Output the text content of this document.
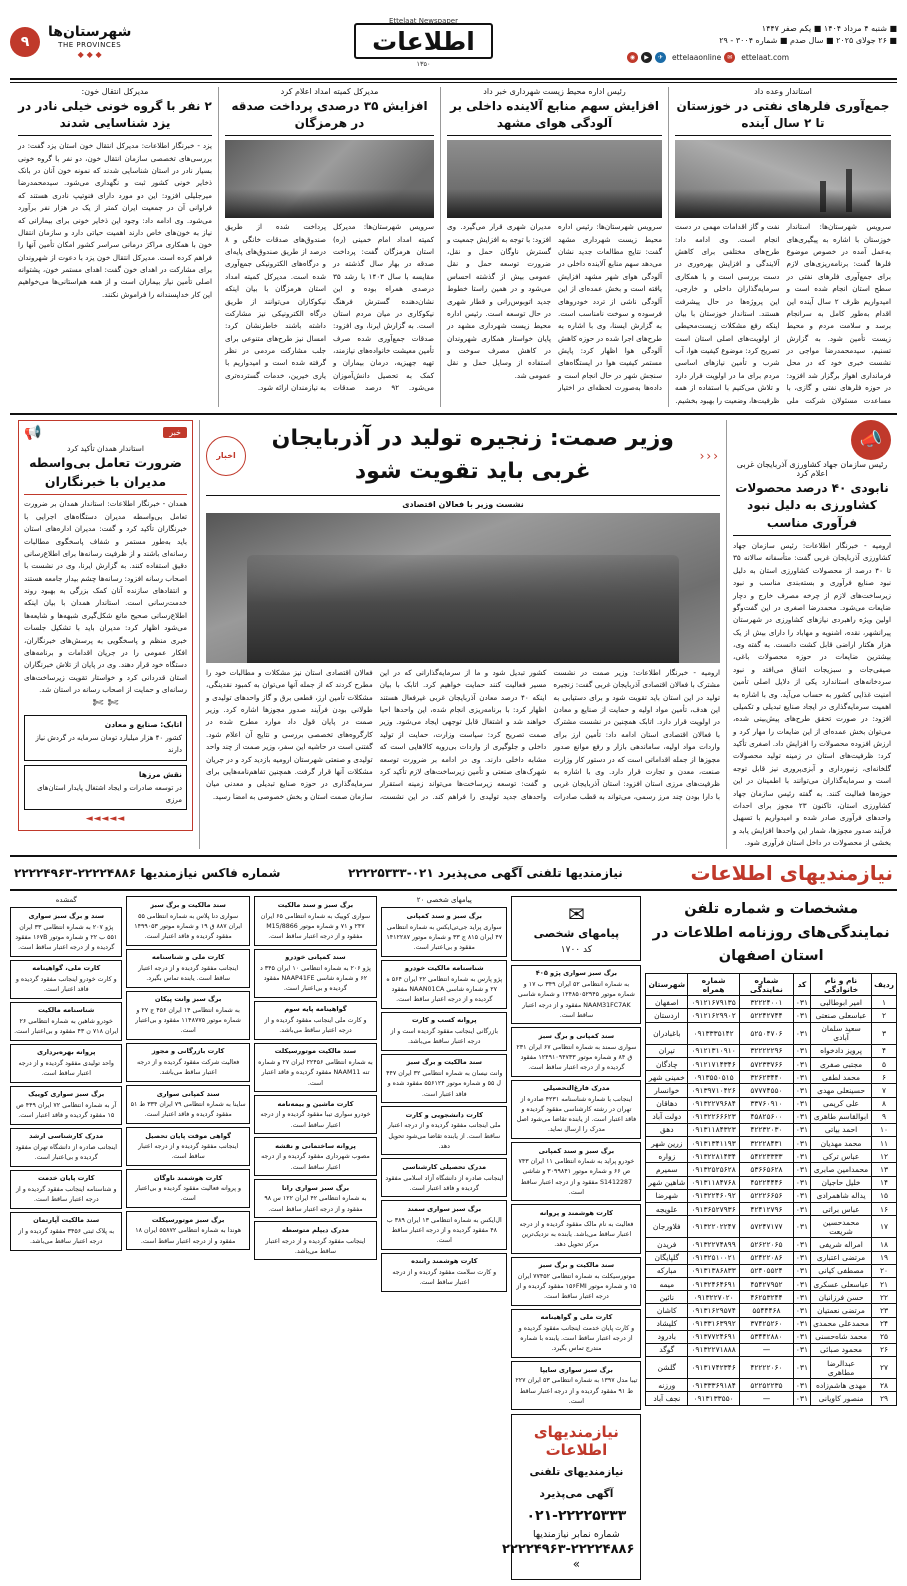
■ شنبه ۴ مرداد ۱۴۰۴ ■ یکم صفر ۱۴۴۷
■ ۲۶ جولای ۲۰۲۵ ■ سال صدم ■ شماره ۳۰۰۴ - ۲۹
◉	▶	✈	ettelaaonline ✉	ettelaat.com
Ettelaat Newspaper
اطلاعات
۱۳۵۰
شهرستان‌ها
THE PROVINCES
◆ ◆ ◆
۹
استاندار وعده داد
جمع‌آوری فلرهای نفتی در خوزستان تا ۲ سال آینده
سرویس شهرستان‌ها: استاندار خوزستان با اشاره به پیگیری‌های به‌عمل آمده در خصوص موضوع فلرها گفت: برنامه‌ریزی‌های لازم برای جمع‌آوری فلرهای نفتی در سطح استان انجام شده است و امیدواریم ظرف ۲ سال آینده این اقدام به‌طور کامل به سرانجام برسد و سلامت مردم و محیط زیست تأمین شود. به گزارش تسنیم، سیدمحمدرضا مواجی در نشست خبری خود که در محل فرمانداری اهواز برگزار شد افزود: در حوزه فلرهای نفتی و گازی، با مساعدت مسئولان شرکت ملی نفت و گاز اقدامات مهمی در دست انجام است. وی ادامه داد: طرح‌های مختلفی برای کاهش آلایندگی و افزایش بهره‌وری در دست بررسی است و با همکاری سرمایه‌گذاران داخلی و خارجی، این پروژه‌ها در حال پیشرفت هستند. استاندار خوزستان با بیان اینکه رفع مشکلات زیست‌محیطی از اولویت‌های اصلی استان است تصریح کرد: موضوع کیفیت هوا، آب شرب و تأمین نیازهای اساسی مردم برای ما در اولویت قرار دارد و تلاش می‌کنیم با استفاده از همه ظرفیت‌ها، وضعیت را بهبود بخشیم.
رئیس اداره محیط زیست شهرداری خبر داد
افزایش سهم منابع آلاینده داخلی بر آلودگی هوای مشهد
سرویس شهرستان‌ها: رئیس اداره محیط زیست شهرداری مشهد گفت: نتایج مطالعات جدید نشان می‌دهد سهم منابع آلاینده داخلی در آلودگی هوای شهر مشهد افزایش یافته است و بخش عمده‌ای از این آلودگی ناشی از تردد خودروهای فرسوده و سوخت نامناسب است. به گزارش ایسنا، وی با اشاره به طرح‌های اجرا شده در حوزه کاهش آلودگی هوا اظهار کرد: پایش مستمر کیفیت هوا در ایستگاه‌های سنجش شهر در حال انجام است و داده‌ها به‌صورت لحظه‌ای در اختیار مدیران شهری قرار می‌گیرد. وی افزود: با توجه به افزایش جمعیت و گسترش ناوگان حمل و نقل، ضرورت توسعه حمل و نقل عمومی بیش از گذشته احساس می‌شود و در همین راستا خطوط جدید اتوبوس‌رانی و قطار شهری در حال توسعه است. رئیس اداره محیط زیست شهرداری مشهد در پایان خواستار همکاری شهروندان در کاهش مصرف سوخت و استفاده از وسایل حمل و نقل عمومی شد.
مدیرکل کمیته امداد اعلام کرد
افزایش ۳۵ درصدی پرداخت صدقه در هرمزگان
سرویس شهرستان‌ها: مدیرکل کمیته امداد امام خمینی (ره) استان هرمزگان گفت: پرداخت صدقه در بهار سال گذشته در مقایسه با سال ۱۴۰۳ با رشد ۳۵ درصدی همراه بوده و این نشان‌دهنده گسترش فرهنگ نیکوکاری در میان مردم استان است. به گزارش ایرنا، وی افزود: صدقات جمع‌آوری شده صرف تأمین معیشت خانواده‌های نیازمند، تهیه جهیزیه، درمان بیماران و کمک به تحصیل دانش‌آموزان می‌شود. ۹۲ درصد صدقات پرداخت شده از طریق صندوق‌های صدقات خانگی و ۸ درصد از طریق صندوق‌های پایه‌ای و درگاه‌های الکترونیکی جمع‌آوری شده است. مدیرکل کمیته امداد استان هرمزگان با بیان اینکه نیکوکاران می‌توانند از طریق درگاه الکترونیکی نیز مشارکت داشته باشند خاطرنشان کرد: امسال نیز طرح‌های متنوعی برای جلب مشارکت مردمی در نظر گرفته شده است و امیدواریم با یاری خیرین، خدمات گسترده‌تری به نیازمندان ارائه شود.
مدیرکل انتقال خون:
۲ نفر با گروه خونی خیلی نادر در یزد شناسایی شدند
یزد - خبرنگار اطلاعات: مدیرکل انتقال خون استان یزد گفت: در بررسی‌های تخصصی سازمان انتقال خون، دو نفر با گروه خونی بسیار نادر در استان شناسایی شدند که نمونه خون آنان در بانک ذخایر خونی کشور ثبت و نگهداری می‌شود. سیدمحمدرضا میرجلیلی افزود: این دو مورد دارای فنوتیپ نادری هستند که فراوانی آن در جمعیت ایران کمتر از یک در هزار نفر برآورد می‌شود. وی ادامه داد: وجود این ذخایر خونی برای بیمارانی که نیاز به خون‌های خاص دارند اهمیت حیاتی دارد و سازمان انتقال خون با همکاری مراکز درمانی سراسر کشور امکان تأمین آنها را فراهم کرده است. مدیرکل انتقال خون یزد با دعوت از شهروندان برای مشارکت در اهدای خون گفت: اهدای مستمر خون، پشتوانه اصلی تأمین نیاز بیماران است و از همه هم‌استانی‌ها می‌خواهیم این کار خداپسندانه را فراموش نکنند.
📣
رئیس سازمان جهاد کشاورزی آذربایجان غربی اعلام کرد
نابودی ۴۰ درصد محصولات کشاورزی به دلیل نبود فرآوری مناسب
ارومیه - خبرنگار اطلاعات: رئیس سازمان جهاد کشاورزی آذربایجان غربی گفت: متأسفانه سالانه ۳۵ تا ۴۰ درصد از محصولات کشاورزی استان به دلیل نبود صنایع فرآوری و بسته‌بندی مناسب و نبود زیرساخت‌های لازم از چرخه مصرف خارج و دچار ضایعات می‌شود. محمدرضا اصغری در این گفت‌وگو اولین ویژه راهبردی نیازهای کشاورزی در شهرستان پیرانشهر، نقده، اشنویه و مهاباد را دارای بیش از یک هزار هکتار اراضی قابل کشت دانست. به گفته وی، بیشترین ضایعات در حوزه محصولات باغی، صیفی‌جات و سبزیجات اتفاق می‌افتد و نبود سردخانه‌های استاندارد یکی از دلایل اصلی تأمین امنیت غذایی کشور به حساب می‌آید. وی با اشاره به اهمیت سرمایه‌گذاری در ایجاد صنایع تبدیلی و تکمیلی افزود: در صورت تحقق طرح‌های پیش‌بینی شده، می‌توان بخش عمده‌ای از این ضایعات را مهار کرد و ارزش افزوده محصولات را افزایش داد. اصغری تأکید کرد: ظرفیت‌های استان در زمینه تولید محصولات گلخانه‌ای، زنبورداری و آبزی‌پروری نیز قابل توجه است و سرمایه‌گذاران می‌توانند با اطمینان در این حوزه‌ها فعالیت کنند. به گفته رئیس سازمان جهاد کشاورزی استان، تاکنون ۲۳ مجوز برای احداث واحدهای فرآوری صادر شده و امیدواریم با تسهیل فرآیند صدور مجوزها، شمار این واحدها افزایش یابد و بخشی از محصولات در داخل استان فرآوری شود.
‹‹‹
وزیر صمت: زنجیره تولید در آذربایجان غربی باید تقویت شود
اخبار
نشست وزیر با فعالان اقتصادی
ارومیه - خبرنگار اطلاعات: وزیر صمت در نشست مشترک با فعالان اقتصادی آذربایجان غربی گفت: زنجیره تولید در این استان باید تقویت شود و برای دستیابی به این هدف، تأمین مواد اولیه و حمایت از صنایع و معادن در اولویت قرار دارد. اتابک همچنین در نشست مشترک با فعالان اقتصادی استان ادامه داد: تأمین ارز برای واردات مواد اولیه، ساماندهی بازار و رفع موانع صدور مجوزها از جمله اقداماتی است که در دستور کار وزارت صنعت، معدن و تجارت قرار دارد. وی با اشاره به ظرفیت‌های مرزی استان افزود: استان آذربایجان غربی با دارا بودن چند مرز رسمی، می‌تواند به قطب صادرات کشور تبدیل شود و ما از سرمایه‌گذارانی که در این مسیر فعالیت کنند حمایت خواهیم کرد. اتابک با بیان اینکه ۴۰ درصد معادن آذربایجان غربی غیرفعال هستند اظهار کرد: با برنامه‌ریزی انجام شده، این واحدها احیا خواهند شد و اشتغال قابل توجهی ایجاد می‌شود. وزیر صمت تصریح کرد: سیاست وزارت، حمایت از تولید داخلی و جلوگیری از واردات بی‌رویه کالاهایی است که مشابه داخلی دارند. وی در ادامه بر ضرورت توسعه شهرک‌های صنعتی و تأمین زیرساخت‌های لازم تأکید کرد و گفت: توسعه زیرساخت‌ها می‌تواند زمینه استقرار واحدهای جدید تولیدی را فراهم کند. در این نشست، فعالان اقتصادی استان نیز مشکلات و مطالبات خود را مطرح کردند که از جمله آنها می‌توان به کمبود نقدینگی، مشکلات تأمین ارز، قطعی برق و گاز واحدهای تولیدی و طولانی بودن فرآیند صدور مجوزها اشاره کرد. وزیر صمت در پایان قول داد موارد مطرح شده در کارگروه‌های تخصصی بررسی و نتایج آن اعلام شود. گفتنی است در حاشیه این سفر، وزیر صمت از چند واحد تولیدی و صنعتی شهرستان ارومیه بازدید کرد و در جریان مشکلات آنها قرار گرفت. همچنین تفاهم‌نامه‌هایی برای سرمایه‌گذاری در حوزه صنایع تبدیلی و معدنی میان سازمان صمت استان و بخش خصوصی به امضا رسید.
خبر
📢
استاندار همدان تأکید کرد
ضرورت تعامل بی‌واسطه مدیران با خبرنگاران
همدان - خبرنگار اطلاعات: استاندار همدان بر ضرورت تعامل بی‌واسطه مدیران دستگاه‌های اجرایی با خبرنگاران تأکید کرد و گفت: مدیران اداره‌های استان باید به‌طور مستمر و شفاف پاسخگوی مطالبات رسانه‌ای باشند و از ظرفیت رسانه‌ها برای اطلاع‌رسانی دقیق استفاده کنند. به گزارش ایرنا، وی در نشست با اصحاب رسانه افزود: رسانه‌ها چشم بیدار جامعه هستند و انتقادهای سازنده آنان کمک بزرگی به بهبود روند خدمت‌رسانی است. استاندار همدان با بیان اینکه اطلاع‌رسانی صحیح مانع شکل‌گیری شبهه‌ها و شایعه‌ها می‌شود اظهار کرد: مدیران باید با تشکیل جلسات خبری منظم و پاسخگویی به پرسش‌های خبرنگاران، افکار عمومی را در جریان اقدامات و برنامه‌های دستگاه خود قرار دهند. وی در پایان از تلاش خبرنگاران استان قدردانی کرد و خواستار تقویت زیرساخت‌های رسانه‌ای و حمایت از اصحاب رسانه در استان شد.
✄ ✄
اتابک: صنایع و معادن
کشور ۴۰ هزار میلیارد تومان سرمایه در گردش نیاز دارند
نقش مرزها
در توسعه صادرات و ایجاد اشتغال پایدار استان‌های مرزی
◄◄◄◄◄
نیازمندیهای اطلاعات
نیازمندیها تلفنی آگهی می‌پذیرد ۰۲۱-۲۲۲۲۵۳۳۳
شماره فاکس نیازمندیها ۲۲۲۲۴۸۸۶-۲۲۲۲۴۹۶۳
مشخصات و شماره تلفن نمایندگی‌های روزنامه اطلاعات در استان اصفهان
ردیف	نام و نام خانوادگی	کد	شماره نمایندگی	شماره همراه	شهرستان
۱	امیر ابوطالبی	۰۳۱	۳۲۲۲۴۰۰۱	۰۹۱۲۱۶۷۹۱۳۵	اصفهان
۲	عباسعلی صنعتی	۰۳۱	۵۲۲۴۲۷۴۴	۰۹۱۲۱۶۲۹۹۰۲	اردستان
۳	سعید سلمان آبادی	۰۳۱	۵۲۵۰۴۷۰۶	۰۹۱۳۳۳۵۱۴۲	باغبادران
۴	پرویز دادخواه	۰۳۱	۳۲۲۲۲۲۹۶	۰۹۱۲۱۳۱۰۹۱۰	تیران
۵	مجتبی صفری	۰۳۱	۵۷۲۳۳۷۶۶	۰۹۱۲۱۷۱۴۳۴۶	چادگان
۶	محمد لطفی	۰۳۱	۳۲۶۲۳۴۴۰	۰۹۱۳۵۵۰۵۱۵	خمینی شهر
۷	حسینعلی مهدی	۰۳۱	۵۷۷۷۴۵۵۰	۰۹۱۳۹۷۱۰۴۲۶	خوانسار
۸	علی کریمی	۰۳۱	۳۳۷۶۰۹۱۰	۰۹۱۳۲۲۷۹۶۸۴	دهاقان
۹	ابوالقاسم طاهری	۰۳۱	۴۵۸۲۵۶۰۰	۰۹۱۳۲۲۶۶۶۲۳	دولت آباد
۱۰	احمد بیاتی	۰۳۱	۴۲۲۳۲۰۳۰	۰۹۱۳۱۱۸۴۳۲۳	دهق
۱۱	محمد مهدیان	۰۳۱	۳۲۲۲۸۴۳۱	۰۹۱۳۱۳۴۱۱۹۳	زرین شهر
۱۲	عباس ترکی	۰۳۱	۵۴۲۲۳۳۳۳	۰۹۱۳۲۲۸۱۴۳۴	زواره
۱۳	محمدامین صابری	۰۳۱	۵۳۶۶۵۶۲۸	۰۹۱۳۲۵۲۵۶۲۸	سمیرم
۱۴	خلیل حاجیان	۰۳۱	۴۵۲۲۴۴۴۶	۰۹۱۳۱۱۸۴۷۶۸	شاهین شهر
۱۵	یداله شاهمرادی	۰۳۱	۵۲۲۲۶۶۵۶	۰۹۱۳۲۲۴۶۰۹۲	شهرضا
۱۶	عباس براتی	۰۳۱	۴۲۴۱۲۷۹۶	۰۹۱۳۶۵۲۷۹۳۶	علویجه
۱۷	محمدحسین شریعت	۰۳۱	۵۷۲۴۷۱۷۷	۰۹۱۳۲۲۰۲۲۴۷	فلاورجان
۱۸	امراله شریفی	۰۳۱	۵۲۶۲۲۰۶۵	۰۹۱۳۲۲۷۴۸۹۹	فریدن
۱۹	مرتضی اعتباری	۰۳۱	۵۲۴۲۲۰۸۶	۰۹۱۳۲۵۱۰۰۲۱	گلپایگان
۲۰	مصطفی کیانی	۰۳۱	۵۲۴۰۵۵۲۴	۰۹۱۳۱۳۸۶۸۳۳	مبارکه
۲۱	عباسعلی عسکری	۰۳۱	۴۵۴۲۷۹۵۲	۰۹۱۳۲۴۶۴۶۹۱	میمه
۲۲	حسن فرزانیان	۰۳۱	۴۶۲۵۳۲۴۴	۰۹۱۳۲۲۷۰۲۰	نائین
۲۳	مرتضی نعمتیان	۰۳۱	۵۵۴۴۴۶۸	۰۹۱۳۱۶۲۹۵۷۴	کاشان
۲۴	محمدعلی محمدی	۰۳۱	۳۷۴۲۵۲۶۰	۰۹۱۳۳۱۶۳۹۹۲	کلیشاد
۲۵	محمد شاه‌حسنی	۰۳۱	۵۳۴۴۲۸۸۰	۰۹۱۳۷۷۲۴۶۹۱	باد‌رود
۲۶	محمود صبائی	۰۳۱	—	۰۹۱۳۲۲۷۱۸۸۸	گوگد
۲۷	عبدالرضا مطاهری	۰۳۱	۴۲۲۲۲۰۶۰	۰۹۱۳۱۷۴۲۳۴۶	گلشن
۲۸	مهدی هاشم‌زاده	۰۳۱	۵۲۲۵۲۲۳۵	۰۹۱۳۳۳۶۹۱۸۴	ورزنه
۲۹	منصور کاویانی	۰۳۱	—	۰۹۱۳۱۳۳۵۵۰	نجف آباد
✉
پیامهای شخصی
کد ۱۷۰۰
برگ سبز سواری پژو ۴۰۵
به شماره انتظامی ۵۲ ایران ۳۴۹ ب ۱۷ و شماره موتور ۱۲۴۸۵۰۵۲۹۴۵ و شماره شاسی NAAM31FC7AK مفقود و از درجه اعتبار ساقط است.
سند کمپانی و برگ سبز
سواری سمند به شماره انتظامی ۶۷ ایران ۲۳۱ ق ۸۴ و شماره موتور ۱۲۴۹۱۰۹۴۷۳۳ مفقود گردیده و از درجه اعتبار ساقط است.
مدرک فارغ‌التحصیلی
اینجانب با شماره شناسنامه ۴۲۳۱ صادره از تهران در رشته کارشناسی مفقود گردیده و فاقد اعتبار است. از یابنده تقاضا می‌شود اصل مدرک را ارسال نماید.
برگ سبز و سند کمپانی
خودرو پراید به شماره انتظامی ۱۱ ایران ۷۴۳ ص ۶۶ و شماره موتور ۳۰۹۹۸۴۱ و شاشی S1412287 مفقود و از درجه اعتبار ساقط است.
کارت هوشمند و پروانه
فعالیت به نام مالک مفقود گردیده و از درجه اعتبار ساقط می‌باشد. یابنده به نزدیک‌ترین مرکز تحویل دهد.
سند مالکیت و برگ سبز
موتورسیکلت به شماره انتظامی ۷۷۴۵۲ ایران ۱۵ و شماره موتور ۱۵۶FMI مفقود گردیده و از درجه اعتبار ساقط است.
کارت ملی و گواهینامه
و کارت پایان خدمت اینجانب مفقود گردیده و از درجه اعتبار ساقط است. یابنده با شماره مندرج تماس بگیرد.
برگ سبز سواری سایپا
تیبا مدل ۱۳۹۷ به شماره انتظامی ۵۳ ایران ۲۲۷ ط ۹۱ مفقود گردیده و از درجه اعتبار ساقط است.
نیازمندیهای اطلاعات
نیازمندیهای تلفنی
آگهی می‌پذیرد
۰۲۱-۲۲۲۲۵۳۳۳
شماره نمابر نیازمندیها
۲۲۲۲۴۹۶۳-۲۲۲۲۴۸۸۶
»
پیامهای شخصی ۲۰
برگ سبز و سند کمپانی
سواری پراید جی‌تی‌ایکس به شماره انتظامی ۴۷ ایران ۸۱۵ ج ۳۳ و شماره موتور ۱۴۱۲۲۸۷ مفقود و بی‌اعتبار است.
شناسنامه مالکیت خودرو
پژو پارس به شماره انتظامی ۲۲ ایران ۵۶۴ ه ۲۷ و شماره شاسی NAAN01CA مفقود گردیده و از درجه اعتبار ساقط است.
پروانه کسب و کارت
بازرگانی اینجانب مفقود گردیده است و از درجه اعتبار ساقط می‌باشد.
سند مالکیت و برگ سبز
وانت نیسان به شماره انتظامی ۳۲ ایران ۴۴۷ ل ۵۵ و شماره موتور ۵۵۶۱۲۴ مفقود شده و فاقد اعتبار است.
کارت دانشجویی و کارت
ملی اینجانب مفقود گردیده و از درجه اعتبار ساقط است. از یابنده تقاضا می‌شود تحویل دهد.
مدرک تحصیلی کارشناسی
اینجانب صادره از دانشگاه آزاد اسلامی مفقود گردیده و فاقد اعتبار است.
برگ سبز سواری سمند
ال‌ایکس به شماره انتظامی ۱۳ ایران ۳۸۹ ب ۴۸ مفقود گردیده و از درجه اعتبار ساقط است.
کارت هوشمند راننده
و کارت سلامت مفقود گردیده و از درجه اعتبار ساقط است.
برگ سبز و سند مالکیت
سواری کوییک به شماره انتظامی ۶۵ ایران ۲۴۷ و ۷۱ و شماره موتور M15/8866 مفقود و از درجه اعتبار ساقط است.
سند کمپانی خودرو
پژو ۲۰۶ به شماره انتظامی ۱۰ ایران ۳۴۵ د ۶۲ و شماره شاسی NAAP41FE مفقود گردیده و بی‌اعتبار است.
گواهینامه پایه سوم
و کارت ملی اینجانب مفقود گردیده و از درجه اعتبار ساقط می‌باشد.
سند مالکیت موتورسیکلت
به شماره انتظامی ۲۲۴۵۶ ایران ۲۷ و شماره تنه NAAM11 مفقود گردیده و فاقد اعتبار است.
کارت ماشین و بیمه‌نامه
خودرو سواری تیبا مفقود گردیده و از درجه اعتبار ساقط است.
پروانه ساختمانی و نقشه
مصوب شهرداری مفقود گردیده و از درجه اعتبار ساقط است.
برگ سبز سواری رانا
به شماره انتظامی ۴۲ ایران ۱۲۲ س ۹۸ مفقود و از درجه اعتبار ساقط است.
مدرک دیپلم متوسطه
اینجانب مفقود گردیده و از درجه اعتبار ساقط می‌باشد.
سند مالکیت و برگ سبز
سواری دنا پلاس به شماره انتظامی ۵۵ ایران ۸۸۷ ق ۱۹ و شماره موتور ۱۴۹۹۰۵۳ مفقود گردیده و فاقد اعتبار است.
کارت ملی و شناسنامه
اینجانب مفقود گردیده و از درجه اعتبار ساقط است. یابنده تماس بگیرد.
برگ سبز وانت پیکان
به شماره انتظامی ۱۴ ایران ۴۵۶ ج ۲۷ و شماره موتور ۱۱۴۸۷۷۵ مفقود و بی‌اعتبار است.
کارت بازرگانی و مجوز
فعالیت شرکت مفقود گردیده و از درجه اعتبار ساقط می‌باشد.
سند کمپانی سواری
ساینا به شماره انتظامی ۷۹ ایران ۳۳۴ ط ۵۱ مفقود گردیده و فاقد اعتبار است.
گواهی موقت پایان تحصیل
اینجانب مفقود گردیده و از درجه اعتبار ساقط است.
کارت هوشمند ناوگان
و پروانه فعالیت مفقود گردیده و بی‌اعتبار است.
برگ سبز موتورسیکلت
هوندا به شماره انتظامی ۵۵۸۷۲ ایران ۱۸ مفقود و از درجه اعتبار ساقط است.
گمشده
سند و برگ سبز سواری
پژو ۲۰۷ به شماره انتظامی ۳۳ ایران ۵۵۱ ب ۲۲ و شماره موتور ۱۶۷B مفقود گردیده و از درجه اعتبار ساقط است.
کارت ملی، گواهینامه
و کارت خودرو اینجانب مفقود گردیده و فاقد اعتبار است.
شناسنامه مالکیت
خودرو شاهین به شماره انتظامی ۲۶ ایران ۷۱۸ ن ۴۳ مفقود و بی‌اعتبار است.
پروانه بهره‌برداری
واحد تولیدی مفقود گردیده و از درجه اعتبار ساقط است.
برگ سبز سواری کوییک
آر به شماره انتظامی ۷۲ ایران ۴۴۹ ص ۱۵ مفقود گردیده و فاقد اعتبار است.
مدرک کارشناسی ارشد
اینجانب صادره از دانشگاه تهران مفقود گردیده و بی‌اعتبار است.
کارت پایان خدمت
و شناسنامه اینجانب مفقود گردیده و از درجه اعتبار ساقط است.
سند مالکیت آپارتمان
به پلاک ثبتی ۳۴۵۶ مفقود گردیده و از درجه اعتبار ساقط می‌باشد.
